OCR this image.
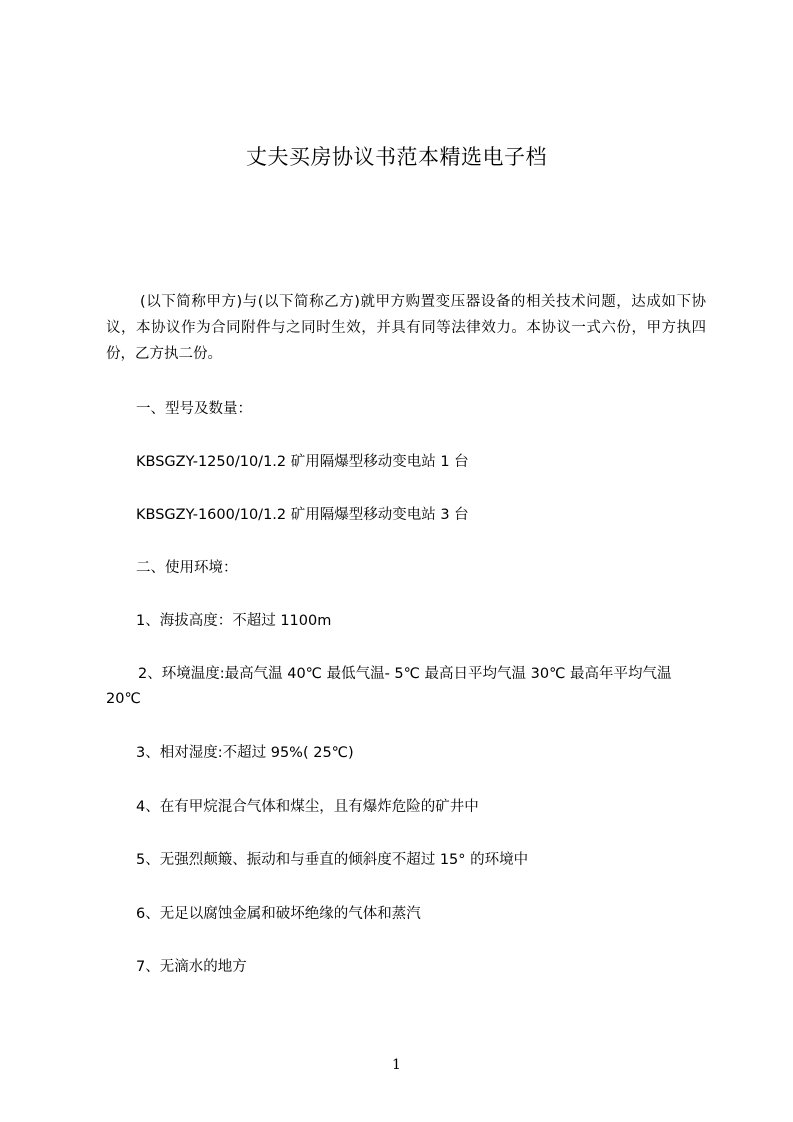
丈夫买房协议书范本精选电子档
(以下简称甲方)与(以下简称乙方)就甲方购置变压器设备的相关技术问题，达成如下协议，本协议作为合同附件与之同时生效，并具有同等法律效力。本协议一式六份，甲方执四份，乙方执二份。
一、型号及数量：
KBSGZY-1250/10/1.2 矿用隔爆型移动变电站 1 台
KBSGZY-1600/10/1.2 矿用隔爆型移动变电站 3 台
二、使用环境：
1、海拔高度：不超过 1100m
2、环境温度:最高气温 40℃ 最低气温- 5℃ 最高日平均气温 30℃ 最高年平均气温 20℃
3、相对湿度:不超过 95%( 25℃)
4、在有甲烷混合气体和煤尘，且有爆炸危险的矿井中
5、无强烈颠簸、振动和与垂直的倾斜度不超过 15° 的环境中
6、无足以腐蚀金属和破坏绝缘的气体和蒸汽
7、无滴水的地方
1
